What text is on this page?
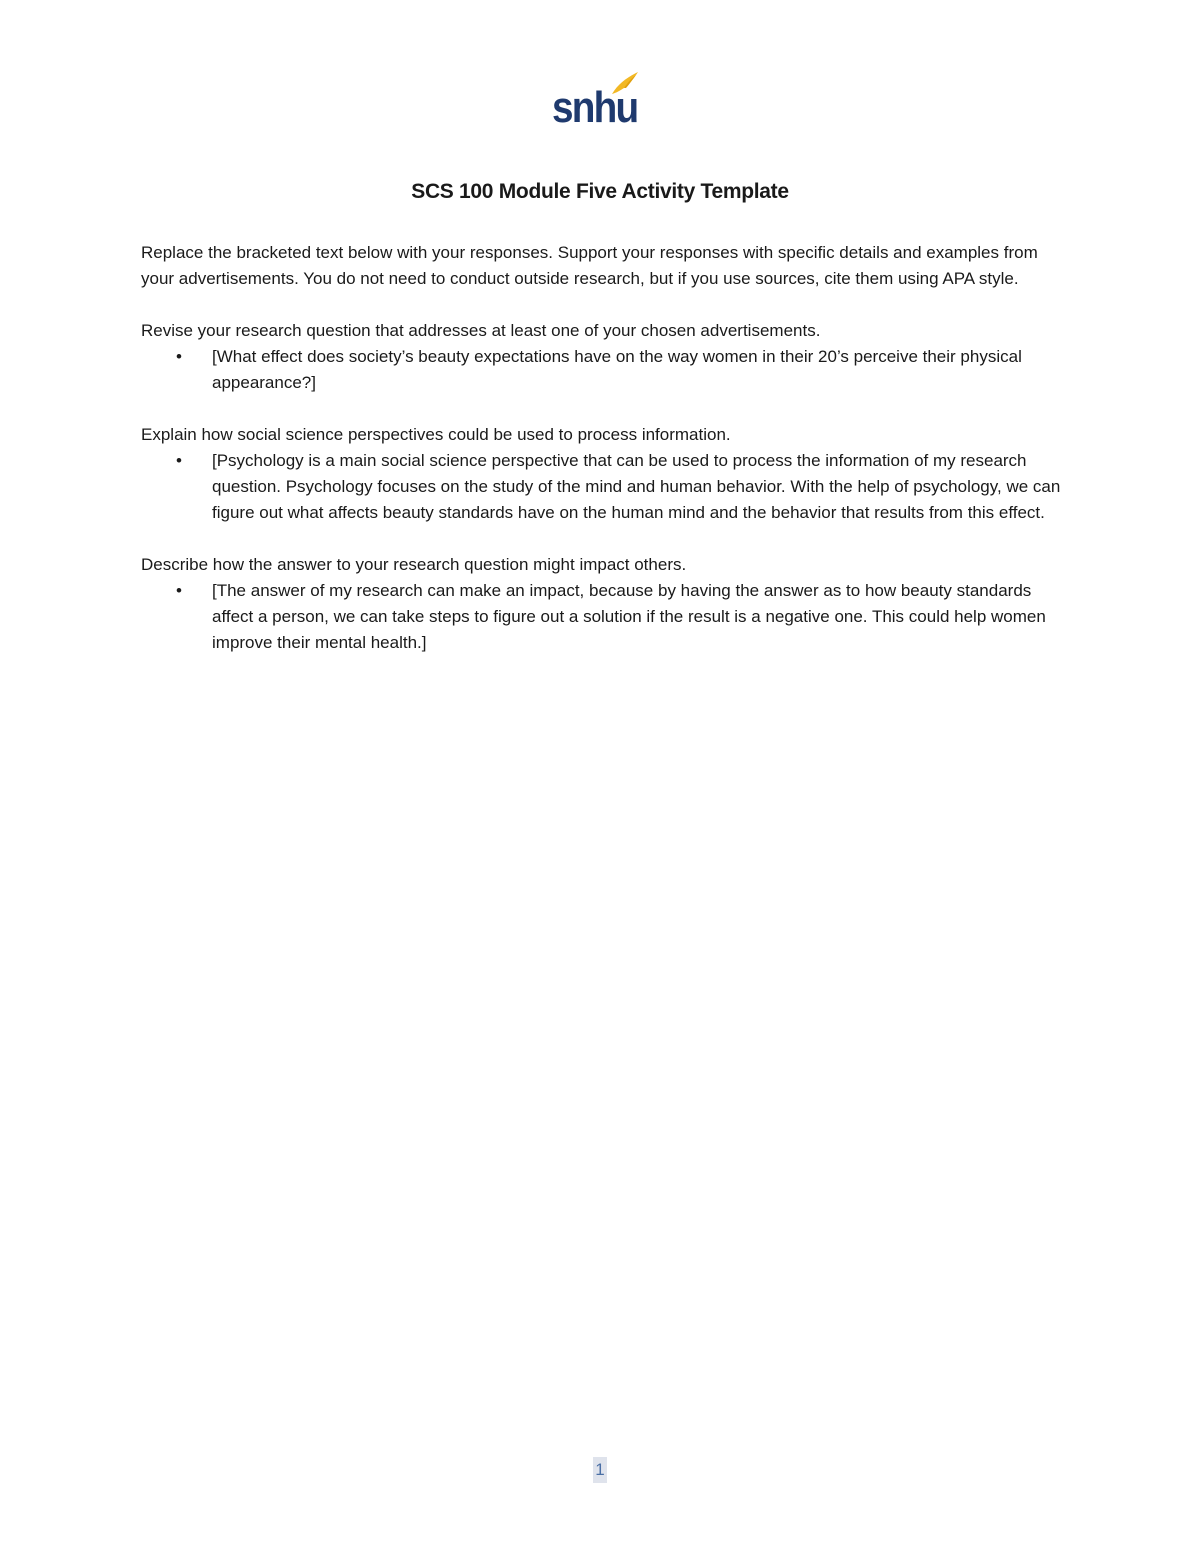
snhu
SCS 100 Module Five Activity Template

Replace the bracketed text below with your responses. Support your responses with specific details and examples from your advertisements. You do not need to conduct outside research, but if you use sources, cite them using APA style.

Revise your research question that addresses at least one of your chosen advertisements.

• [What effect does society’s beauty expectations have on the way women in their 20’s perceive their physical appearance?]

Explain how social science perspectives could be used to process information.

• [Psychology is a main social science perspective that can be used to process the information of my research question. Psychology focuses on the study of the mind and human behavior. With the help of psychology, we can figure out what affects beauty standards have on the human mind and the behavior that results from this effect.

Describe how the answer to your research question might impact others.

• [The answer of my research can make an impact, because by having the answer as to how beauty standards affect a person, we can take steps to figure out a solution if the result is a negative one. This could help women improve their mental health.]
1
